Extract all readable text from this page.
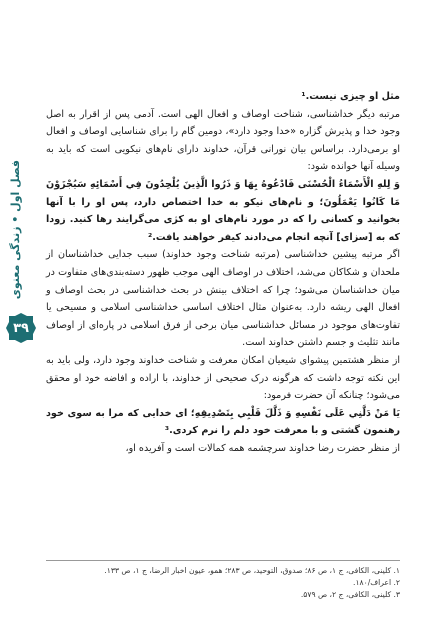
فصل اول • زندگی معنوی
۳۹

مثل او چیزی نیست.¹

مرتبه دیگر خداشناسی، شناخت اوصاف و افعال الهی است. آدمی پس از اقرار به اصل وجود خدا و پذیرش گزاره «خدا وجود دارد»، دومین گام را برای شناسایی اوصاف و افعال او برمی‌دارد. براساس بیان نورانی قرآن، خداوند دارای نام‌های نیکویی است که باید به وسیله آنها خوانده شود:

وَ لِلهِ الْأَسْمَاءُ الْحُسْنَى فَادْعُوهُ بِهَا وَ ذَرُوا الَّذِينَ يُلْحِدُونَ فِي أَسْمَائِهِ سَيُجْزَوْنَ مَا كَانُوا يَعْمَلُونَ؛ و نام‌های نیکو به خدا اختصاص دارد، پس او را با آنها بخوانید و کسانی را که در مورد نام‌های او به کژی می‌گرایند رها کنید. زودا که به [سزای] آنچه انجام می‌دادند کیفر خواهند یافت.²

اگر مرتبه پیشین خداشناسی (مرتبه شناخت وجود خداوند) سبب جدایی خداشناسان از ملحدان و شکاکان می‌شد، اختلاف در اوصاف الهی موجب ظهور دسته‌بندی‌های متفاوت در میان خداشناسان می‌شود؛ چرا که اختلاف بینش در بحث خداشناسی در بحث اوصاف و افعال الهی ریشه دارد. به‌عنوان مثال اختلاف اساسی خداشناسی اسلامی و مسیحی یا تفاوت‌های موجود در مسائل خداشناسی میان برخی از فرق اسلامی در پاره‌ای از اوصاف مانند تثلیث و جسم داشتن خداوند است.

از منظر هشتمین پیشوای شیعیان امکان معرفت و شناخت خداوند وجود دارد، ولی باید به این نکته توجه داشت که هرگونه درک صحیحی از خداوند، با اراده و افاضه خود او محقق می‌شود؛ چنانکه آن حضرت فرمود:

يَا مَنْ دَلَّنِي عَلَى نَفْسِهِ وَ ذَلَّلَ قَلْبِي بِتَصْدِيقِهِ؛ ای خدایی که مرا به سوی خود رهنمون گشتی و با معرفت خود دلم را نرم کردی.³

از منظر حضرت رضا خداوند سرچشمه همه کمالات است و آفریده او،

۱. کلینی، الکافی، ج ۱، ص ۸۶؛ صدوق، التوحید، ص ۲۸۳؛ همو، عیون اخبار الرضا، ج ۱، ص ۱۳۳.
۲. اعراف/۱۸۰.
۳. کلینی، الکافی، ج ۲، ص ۵۷۹.
